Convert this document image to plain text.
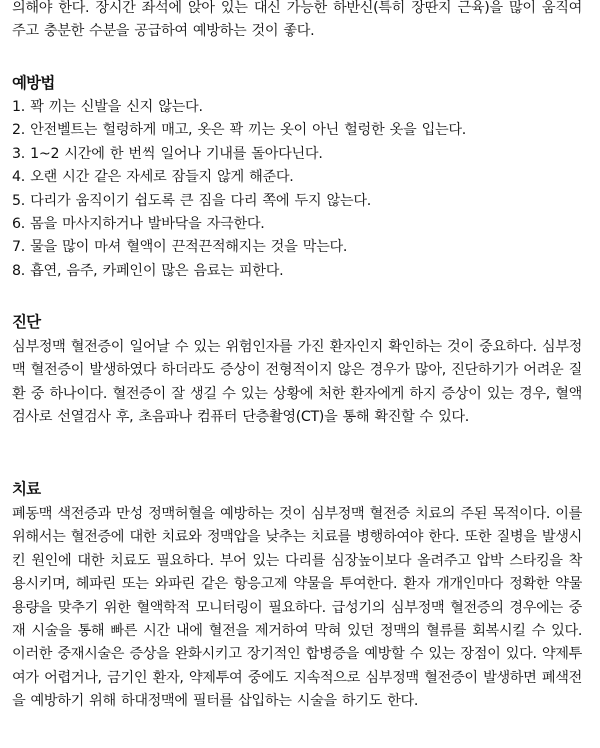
의해야 한다. 장시간 좌석에 앉아 있는 대신 가능한 하반신(특히 장딴지 근육)을 많이 움직여 주고 충분한 수분을 공급하여 예방하는 것이 좋다.

예방법
1. 꽉 끼는 신발을 신지 않는다.
2. 안전벨트는 헐렁하게 매고, 옷은 꽉 끼는 옷이 아닌 헐렁한 옷을 입는다.
3. 1~2 시간에 한 번씩 일어나 기내를 돌아다닌다.
4. 오랜 시간 같은 자세로 잠들지 않게 해준다.
5. 다리가 움직이기 쉽도록 큰 짐을 다리 쪽에 두지 않는다.
6. 몸을 마사지하거나 발바닥을 자극한다.
7. 물을 많이 마셔 혈액이 끈적끈적해지는 것을 막는다.
8. 흡연, 음주, 카페인이 많은 음료는 피한다.
진단

심부정맥 혈전증이 일어날 수 있는 위험인자를 가진 환자인지 확인하는 것이 중요하다. 심부정맥 혈전증이 발생하였다 하더라도 증상이 전형적이지 않은 경우가 많아, 진단하기가 어려운 질환 중 하나이다. 혈전증이 잘 생길 수 있는 상황에 처한 환자에게 하지 증상이 있는 경우, 혈액검사로 선열검사 후, 초음파나 컴퓨터 단층촬영(CT)을 통해 확진할 수 있다.

치료

폐동맥 색전증과 만성 정맥허혈을 예방하는 것이 심부정맥 혈전증 치료의 주된 목적이다. 이를 위해서는 혈전증에 대한 치료와 정맥압을 낮추는 치료를 병행하여야 한다. 또한 질병을 발생시킨 원인에 대한 치료도 필요하다. 부어 있는 다리를 심장높이보다 올려주고 압박 스타킹을 착용시키며, 헤파린 또는 와파린 같은 항응고제 약물을 투여한다. 환자 개개인마다 정확한 약물 용량을 맞추기 위한 혈액학적 모니터링이 필요하다. 급성기의 심부정맥 혈전증의 경우에는 중재 시술을 통해 빠른 시간 내에 혈전을 제거하여 막혀 있던 정맥의 혈류를 회복시킬 수 있다. 이러한 중재시술은 증상을 완화시키고 장기적인 합병증을 예방할 수 있는 장점이 있다. 약제투여가 어렵거나, 금기인 환자, 약제투여 중에도 지속적으로 심부정맥 혈전증이 발생하면 폐색전을 예방하기 위해 하대정맥에 필터를 삽입하는 시술을 하기도 한다.
